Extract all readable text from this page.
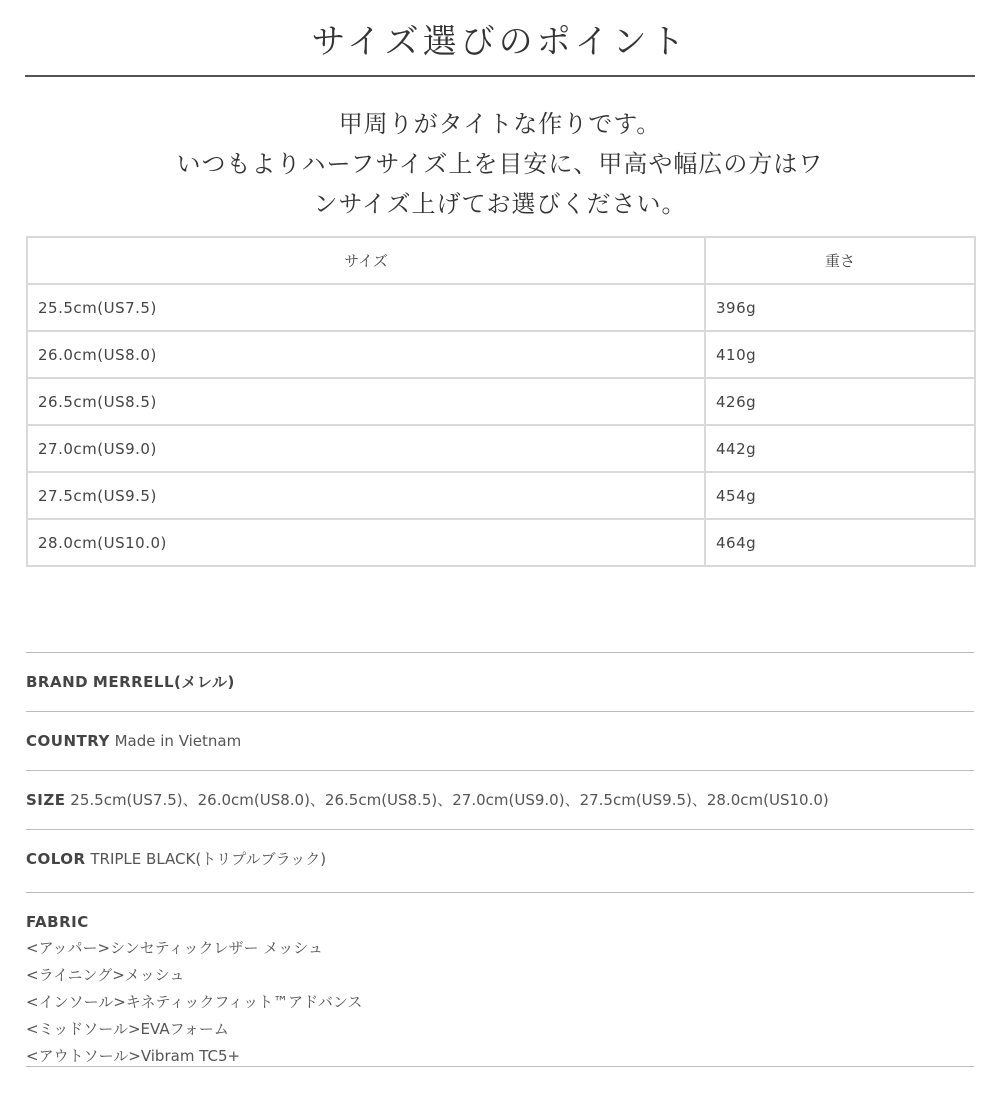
サイズ選びのポイント
甲周りがタイトな作りです。
いつもよりハーフサイズ上を目安に、甲高や幅広の方はワ
ンサイズ上げてお選びください。
サイズ	重さ
25.5cm(US7.5)	396g
26.0cm(US8.0)	410g
26.5cm(US8.5)	426g
27.0cm(US9.0)	442g
27.5cm(US9.5)	454g
28.0cm(US10.0)	464g
BRAND MERRELL(メレル)
COUNTRY Made in Vietnam
SIZE 25.5cm(US7.5)、26.0cm(US8.0)、26.5cm(US8.5)、27.0cm(US9.0)、27.5cm(US9.5)、28.0cm(US10.0)
COLOR TRIPLE BLACK(トリプルブラック)
FABRIC
<アッパー>シンセティックレザー メッシュ
<ライニング>メッシュ
<インソール>キネティックフィット™アドバンス
<ミッドソール>EVAフォーム
<アウトソール>Vibram TC5+
